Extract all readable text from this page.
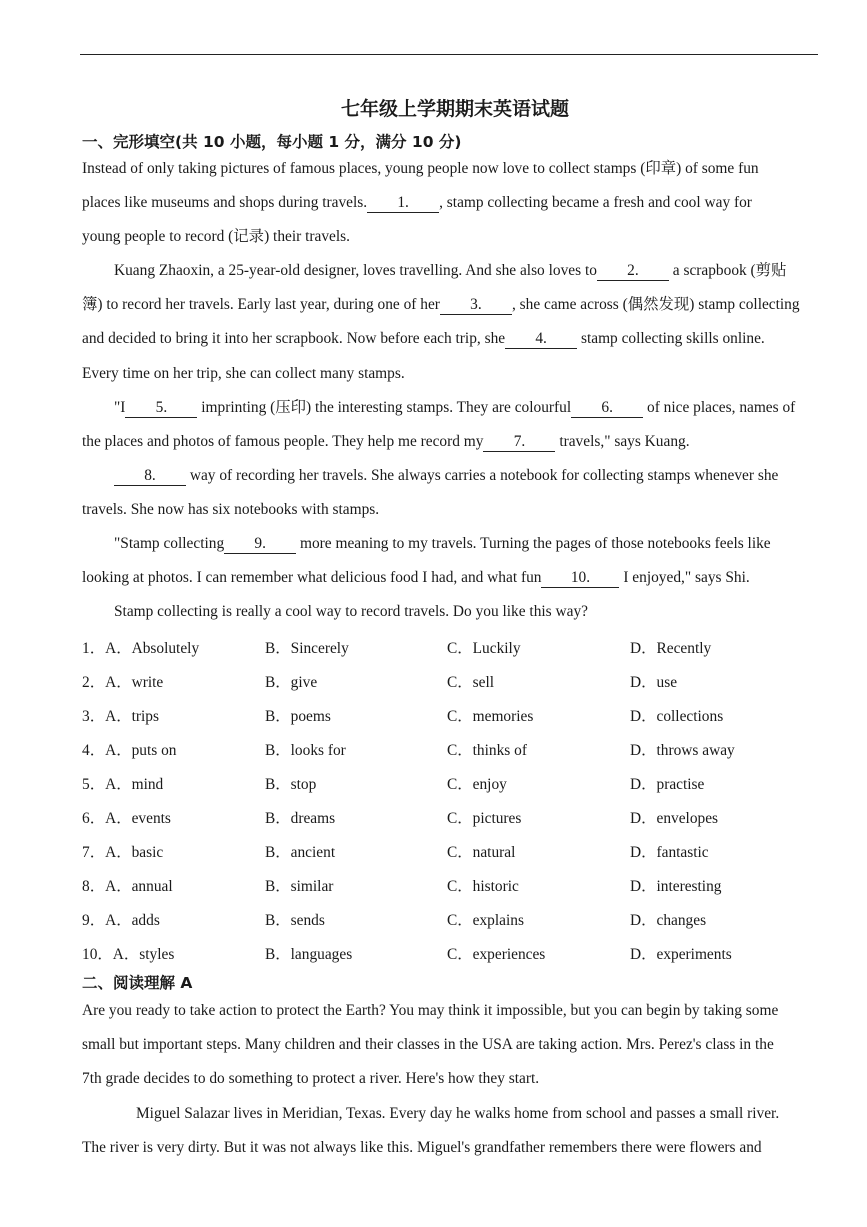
七年级上学期期末英语试题
一、完形填空(共 10 小题，每小题 1 分，满分 10 分)
Instead of only taking pictures of famous places, young people now love to collect stamps (印章) of some fun
places like museums and shops during travels. 1. , stamp collecting became a fresh and cool way for
young people to record (记录) their travels.
Kuang Zhaoxin, a 25-year-old designer, loves travelling. And she also loves to 2. a scrapbook (剪贴
簿) to record her travels. Early last year, during one of her 3. , she came across (偶然发现) stamp collecting
and decided to bring it into her scrapbook. Now before each trip, she 4. stamp collecting skills online.
Every time on her trip, she can collect many stamps.
"I 5. imprinting (压印) the interesting stamps. They are colourful 6. of nice places, names of
the places and photos of famous people. They help me record my 7. travels," says Kuang.
8. way of recording her travels. She always carries a notebook for collecting stamps whenever she
travels. She now has six notebooks with stamps.
"Stamp collecting 9. more meaning to my travels. Turning the pages of those notebooks feels like
looking at photos. I can remember what delicious food I had, and what fun 10. I enjoyed," says Shi.
Stamp collecting is really a cool way to record travels. Do you like this way?
1．A．Absolutely	B．Sincerely	C．Luckily	D．Recently
2．A．write	B．give	C．sell	D．use
3．A．trips	B．poems	C．memories	D．collections
4．A．puts on	B．looks for	C．thinks of	D．throws away
5．A．mind	B．stop	C．enjoy	D．practise
6．A．events	B．dreams	C．pictures	D．envelopes
7．A．basic	B．ancient	C．natural	D．fantastic
8．A．annual	B．similar	C．historic	D．interesting
9．A．adds	B．sends	C．explains	D．changes
10．A．styles	B．languages	C．experiences	D．experiments
二、阅读理解 A
Are you ready to take action to protect the Earth? You may think it impossible, but you can begin by taking some
small but important steps. Many children and their classes in the USA are taking action. Mrs. Perez's class in the
7th grade decides to do something to protect a river. Here's how they start.
Miguel Salazar lives in Meridian, Texas. Every day he walks home from school and passes a small river.
The river is very dirty. But it was not always like this. Miguel's grandfather remembers there were flowers and
